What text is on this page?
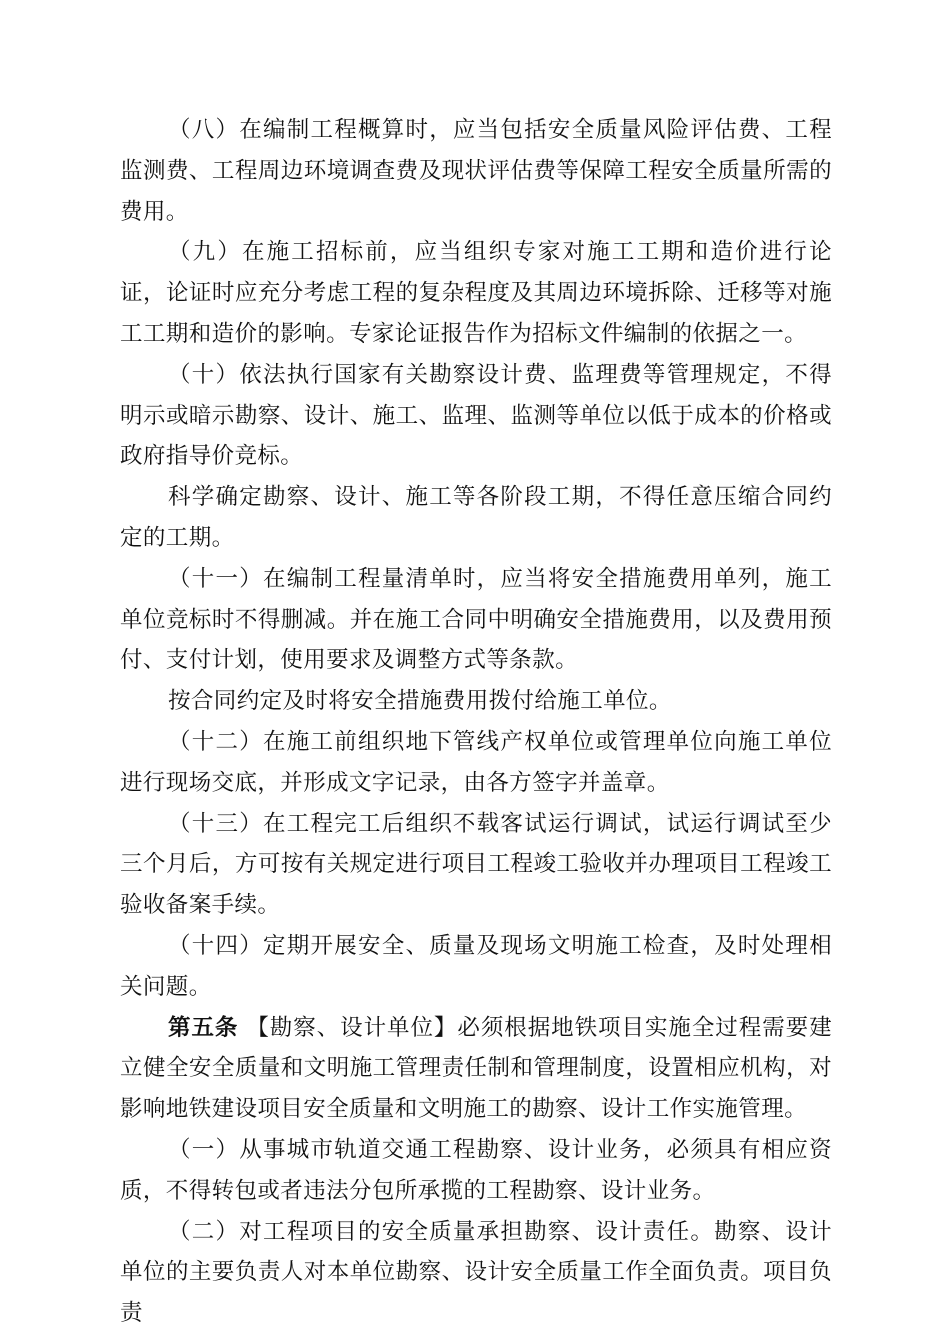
（八）在编制工程概算时，应当包括安全质量风险评估费、工程监测费、工程周边环境调查费及现状评估费等保障工程安全质量所需的费用。

（九）在施工招标前，应当组织专家对施工工期和造价进行论证，论证时应充分考虑工程的复杂程度及其周边环境拆除、迁移等对施工工期和造价的影响。专家论证报告作为招标文件编制的依据之一。

（十）依法执行国家有关勘察设计费、监理费等管理规定，不得明示或暗示勘察、设计、施工、监理、监测等单位以低于成本的价格或政府指导价竞标。

科学确定勘察、设计、施工等各阶段工期，不得任意压缩合同约定的工期。

（十一）在编制工程量清单时，应当将安全措施费用单列，施工单位竞标时不得删减。并在施工合同中明确安全措施费用，以及费用预付、支付计划，使用要求及调整方式等条款。

按合同约定及时将安全措施费用拨付给施工单位。

（十二）在施工前组织地下管线产权单位或管理单位向施工单位进行现场交底，并形成文字记录，由各方签字并盖章。

（十三）在工程完工后组织不载客试运行调试，试运行调试至少三个月后，方可按有关规定进行项目工程竣工验收并办理项目工程竣工验收备案手续。

（十四）定期开展安全、质量及现场文明施工检查，及时处理相关问题。

第五条 【勘察、设计单位】必须根据地铁项目实施全过程需要建立健全安全质量和文明施工管理责任制和管理制度，设置相应机构，对影响地铁建设项目安全质量和文明施工的勘察、设计工作实施管理。

（一）从事城市轨道交通工程勘察、设计业务，必须具有相应资质，不得转包或者违法分包所承揽的工程勘察、设计业务。

（二）对工程项目的安全质量承担勘察、设计责任。勘察、设计单位的主要负责人对本单位勘察、设计安全质量工作全面负责。项目负责
